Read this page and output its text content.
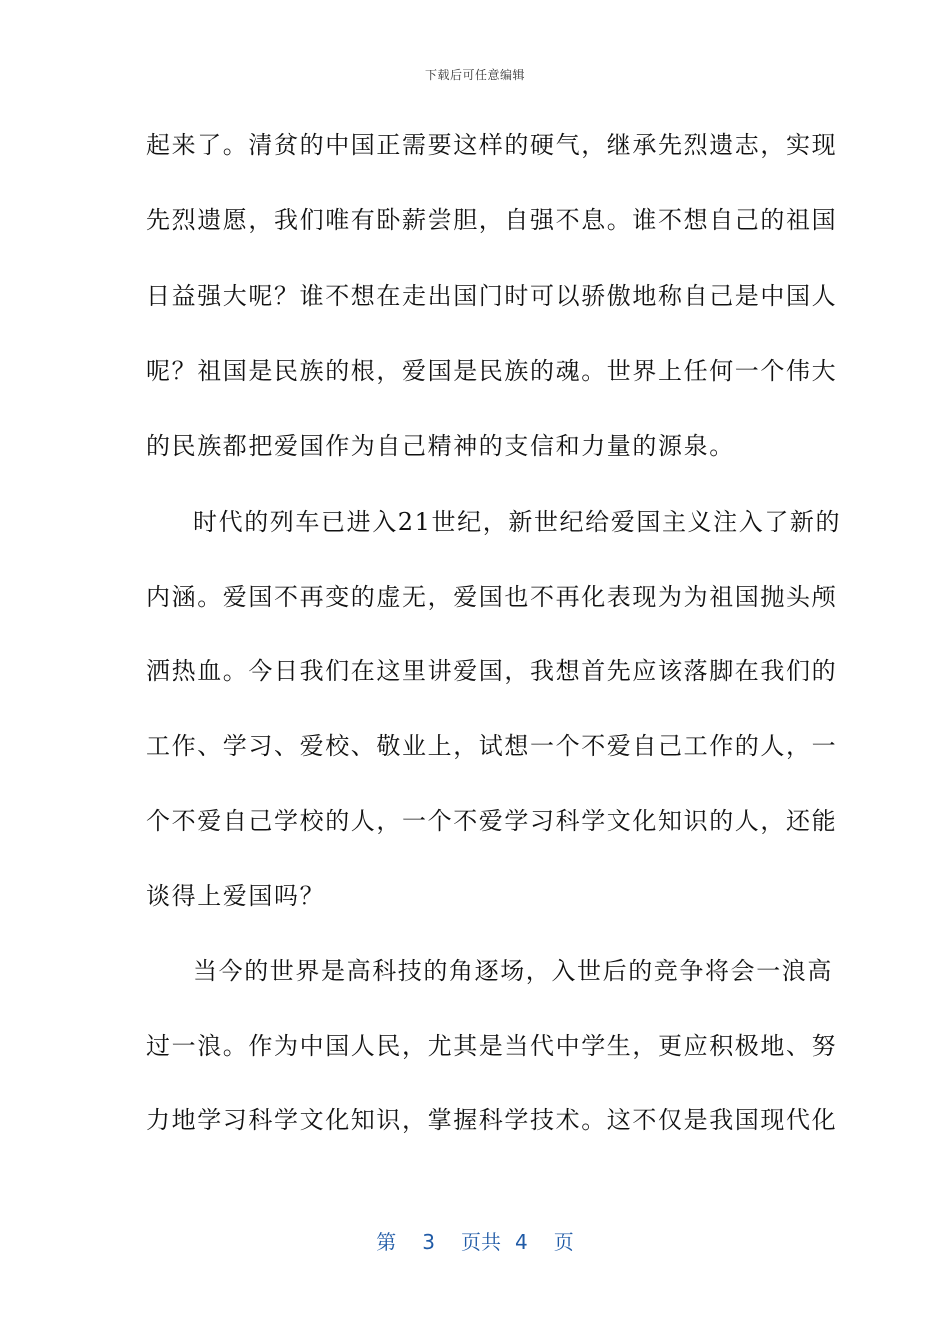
下载后可任意编辑
起来了。清贫的中国正需要这样的硬气，继承先烈遗志，实现
先烈遗愿，我们唯有卧薪尝胆，自强不息。谁不想自己的祖国
日益强大呢？谁不想在走出国门时可以骄傲地称自己是中国人
呢？祖国是民族的根，爱国是民族的魂。世界上任何一个伟大
的民族都把爱国作为自己精神的支信和力量的源泉。
时代的列车已进入21世纪，新世纪给爱国主义注入了新的
内涵。爱国不再变的虚无，爱国也不再化表现为为祖国抛头颅
洒热血。今日我们在这里讲爱国，我想首先应该落脚在我们的
工作、学习、爱校、敬业上，试想一个不爱自己工作的人，一
个不爱自己学校的人，一个不爱学习科学文化知识的人，还能
谈得上爱国吗？
当今的世界是高科技的角逐场，入世后的竞争将会一浪高
过一浪。作为中国人民，尤其是当代中学生，更应积极地、努
力地学习科学文化知识，掌握科学技术。这不仅是我国现代化
第 3 页共 4 页
